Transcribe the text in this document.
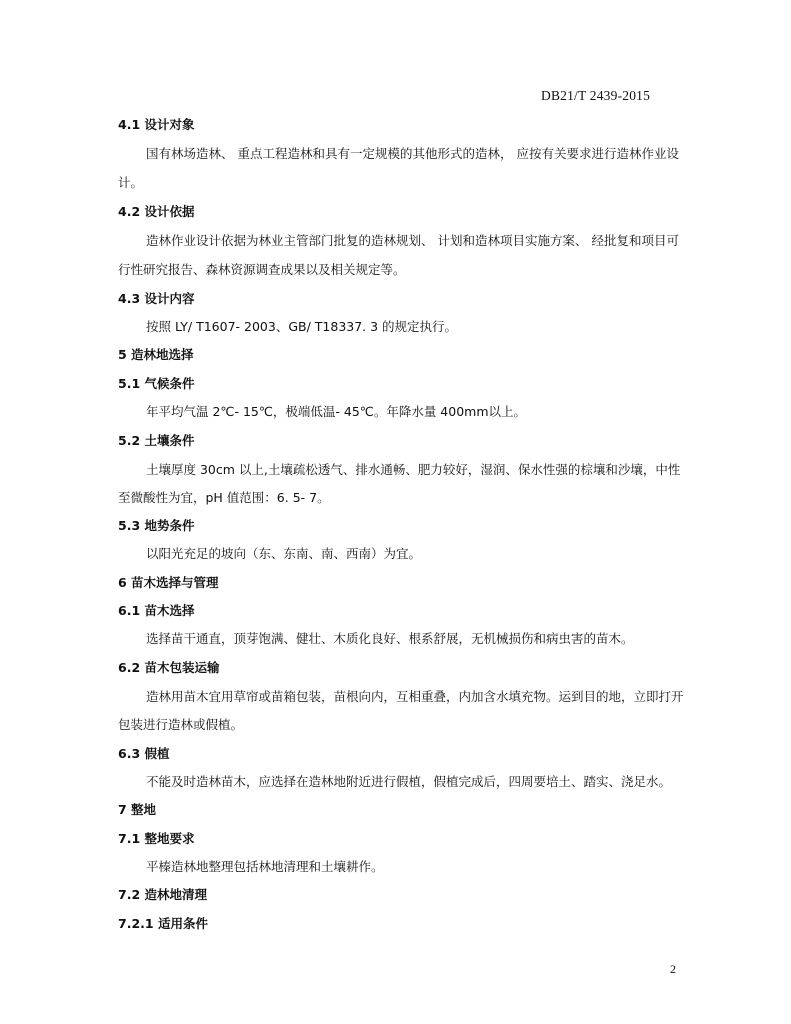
DB21/T 2439-2015
4.1 设计对象
国有林场造林、 重点工程造林和具有一定规模的其他形式的造林， 应按有关要求进行造林作业设
计。
4.2 设计依据
造林作业设计依据为林业主管部门批复的造林规划、 计划和造林项目实施方案、 经批复和项目可
行性研究报告、森林资源调查成果以及相关规定等。
4.3 设计内容
按照 LY/ T1607- 2003、GB/ T18337. 3 的规定执行。
5 造林地选择
5.1 气候条件
年平均气温 2℃- 15℃，极端低温- 45℃。年降水量 400mm以上。
5.2 土壤条件
土壤厚度 30cm 以上,土壤疏松透气、排水通畅、肥力较好，湿润、保水性强的棕壤和沙壤，中性
至微酸性为宜，pH 值范围：6. 5- 7。
5.3 地势条件
以阳光充足的坡向（东、东南、南、西南）为宜。
6 苗木选择与管理
6.1 苗木选择
选择苗干通直，顶芽饱满、健壮、木质化良好、根系舒展，无机械损伤和病虫害的苗木。
6.2 苗木包装运输
造林用苗木宜用草帘或苗箱包装，苗根向内，互相重叠，内加含水填充物。运到目的地，立即打开
包装进行造林或假植。
6.3 假植
不能及时造林苗木，应选择在造林地附近进行假植，假植完成后，四周要培土、踏实、浇足水。
7 整地
7.1 整地要求
平榛造林地整理包括林地清理和土壤耕作。
7.2 造林地清理
7.2.1 适用条件
2
